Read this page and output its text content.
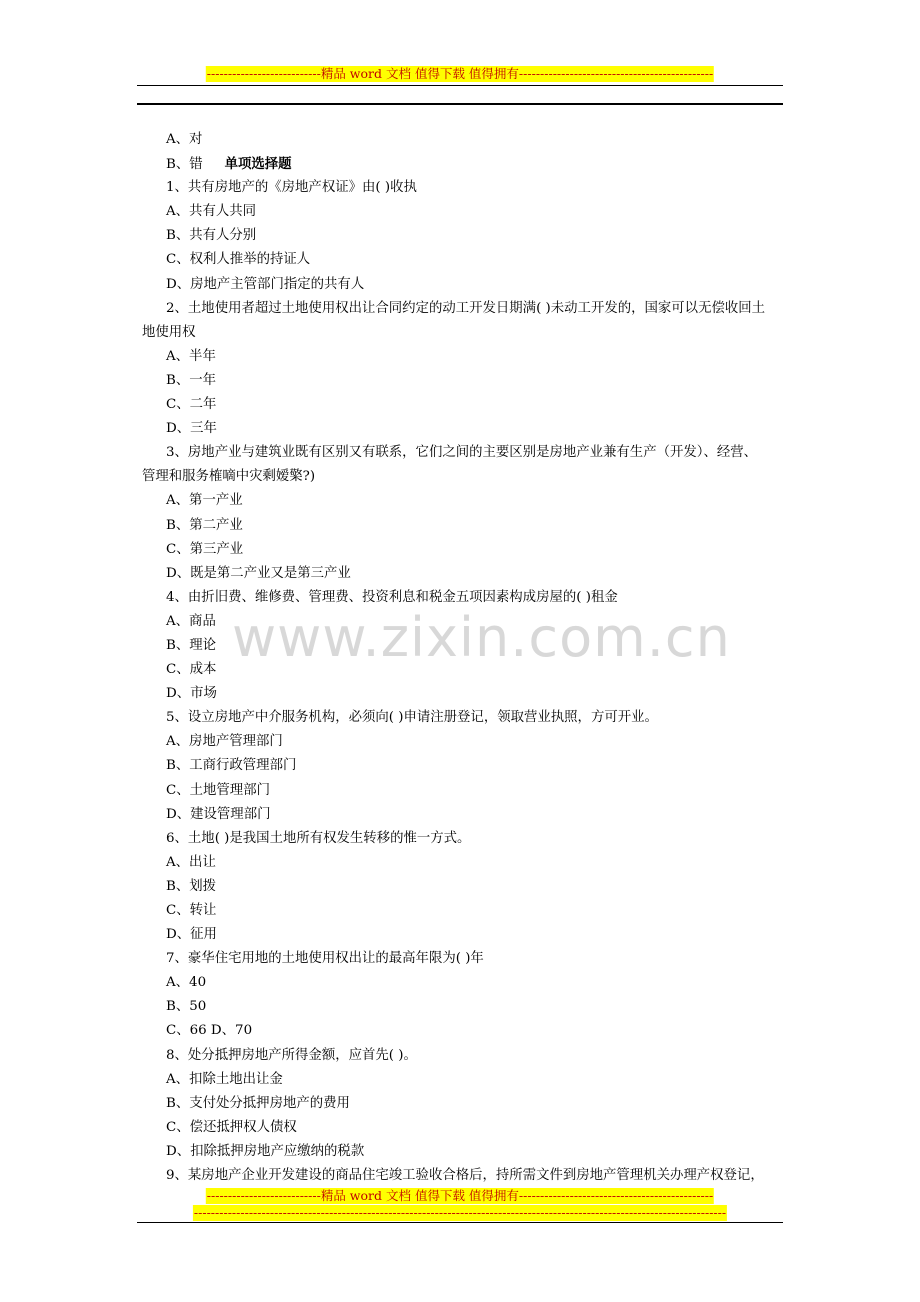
---------------------------精品 word 文档 值得下载 值得拥有----------------------------------------------
www.zixin.com.cn
A、对
B、错 单项选择题
1、共有房地产的《房地产权证》由( )收执
A、共有人共同
B、共有人分别
C、权利人推举的持证人
D、房地产主管部门指定的共有人
2、土地使用者超过土地使用权出让合同约定的动工开发日期满( )未动工开发的，国家可以无偿收回土
地使用权
A、半年
B、一年
C、二年
D、三年
3、房地产业与建筑业既有区别又有联系，它们之间的主要区别是房地产业兼有生产（开发）、经营、
管理和服务榷嘀中灾剩嫒檠?)
A、第一产业
B、第二产业
C、第三产业
D、既是第二产业又是第三产业
4、由折旧费、维修费、管理费、投资利息和税金五项因素构成房屋的( )租金
A、商品
B、理论
C、成本
D、市场
5、设立房地产中介服务机构，必须向( )申请注册登记，领取营业执照，方可开业。
A、房地产管理部门
B、工商行政管理部门
C、土地管理部门
D、建设管理部门
6、土地( )是我国土地所有权发生转移的惟一方式。
A、出让
B、划拨
C、转让
D、征用
7、豪华住宅用地的土地使用权出让的最高年限为( )年
A、40
B、50
C、66 D、70
8、处分抵押房地产所得金额，应首先( )。
A、扣除土地出让金
B、支付处分抵押房地产的费用
C、偿还抵押权人债权
D、扣除抵押房地产应缴纳的税款
9、某房地产企业开发建设的商品住宅竣工验收合格后，持所需文件到房地产管理机关办理产权登记，
---------------------------精品 word 文档 值得下载 值得拥有----------------------------------------------
------------------------------------------------------------------------------------------------------------------------------
